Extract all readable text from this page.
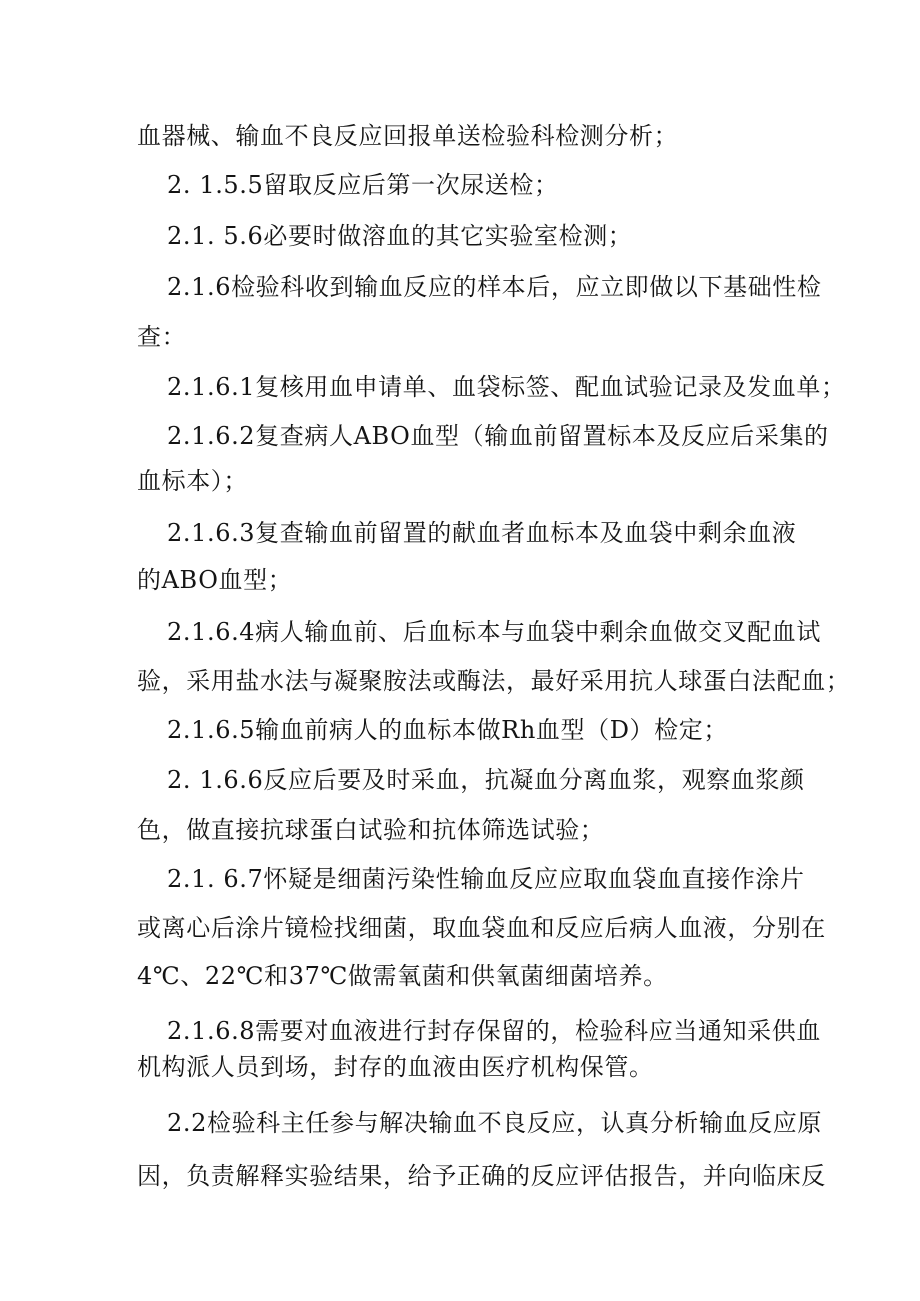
血器械、输血不良反应回报单送检验科检测分析；
2. 1.5.5留取反应后第一次尿送检；
2.1. 5.6必要时做溶血的其它实验室检测；
2.1.6检验科收到输血反应的样本后，应立即做以下基础性检
查：
2.1.6.1复核用血申请单、血袋标签、配血试验记录及发血单；
2.1.6.2复查病人ABO血型（输血前留置标本及反应后采集的
血标本）；
2.1.6.3复查输血前留置的献血者血标本及血袋中剩余血液
的ABO血型；
2.1.6.4病人输血前、后血标本与血袋中剩余血做交叉配血试
验，采用盐水法与凝聚胺法或酶法，最好采用抗人球蛋白法配血；
2.1.6.5输血前病人的血标本做Rh血型（D）检定；
2. 1.6.6反应后要及时采血，抗凝血分离血浆，观察血浆颜
色，做直接抗球蛋白试验和抗体筛选试验；
2.1. 6.7怀疑是细菌污染性输血反应应取血袋血直接作涂片
或离心后涂片镜检找细菌，取血袋血和反应后病人血液，分别在
4℃、22℃和37℃做需氧菌和供氧菌细菌培养。
2.1.6.8需要对血液进行封存保留的，检验科应当通知采供血
机构派人员到场，封存的血液由医疗机构保管。
2.2检验科主任参与解决输血不良反应，认真分析输血反应原
因，负责解释实验结果，给予正确的反应评估报告，并向临床反
